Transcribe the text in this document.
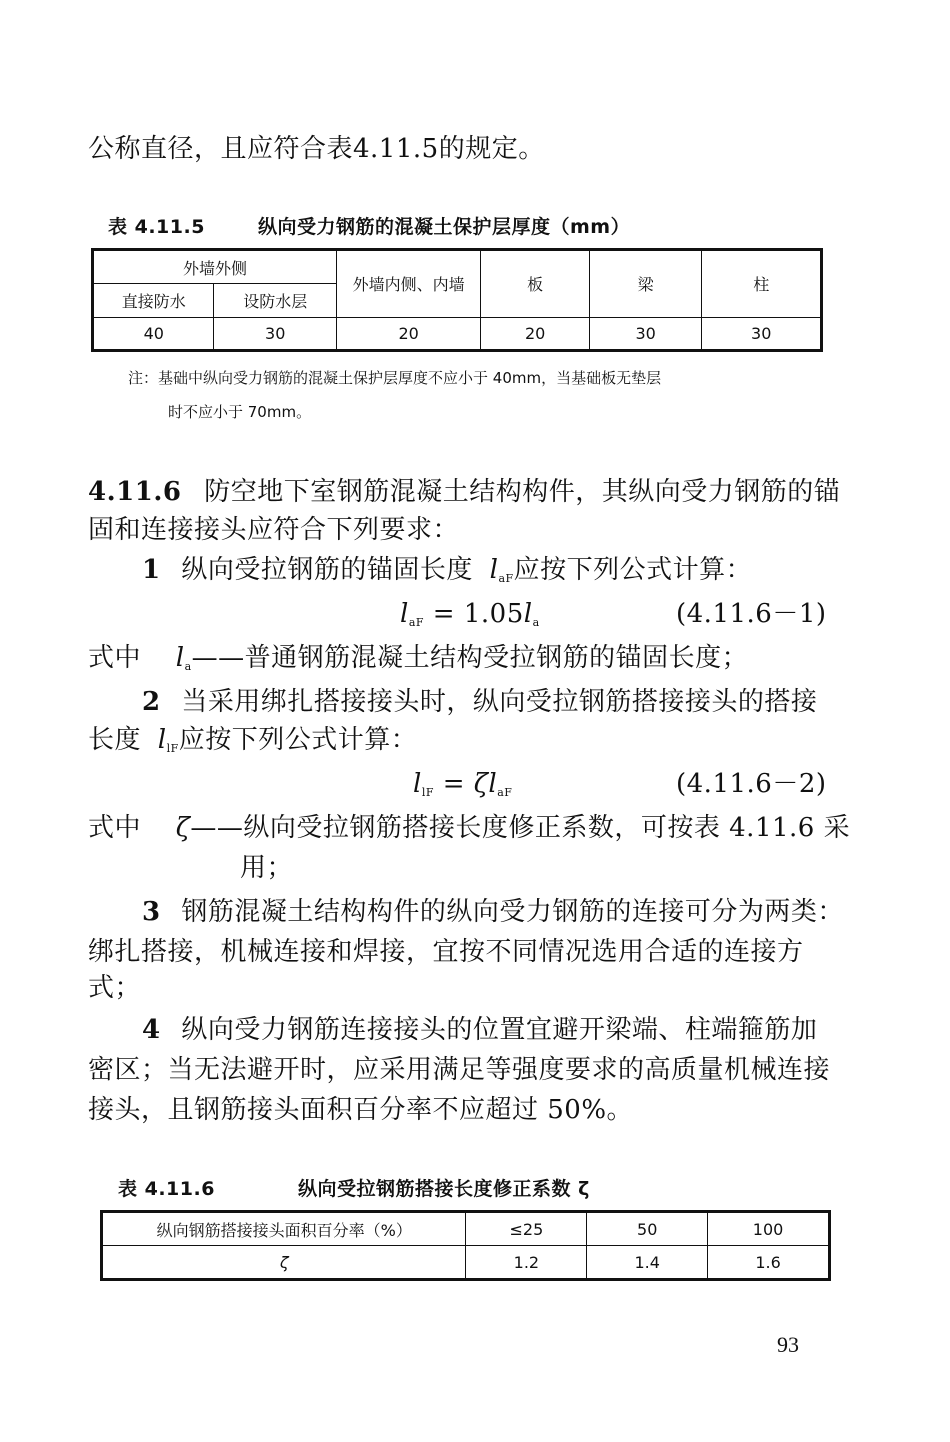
公称直径，且应符合表4.11.5的规定。
表 4.11.5	纵向受力钢筋的混凝土保护层厚度（mm）
外墙外侧		外墙内侧、内墙	板	梁	柱
直接防水	设防水层				
40	30	20	20	30	30
注：基础中纵向受力钢筋的混凝土保护层厚度不应小于 40mm，当基础板无垫层
时不应小于 70mm。
4.11.6 防空地下室钢筋混凝土结构构件，其纵向受力钢筋的锚
固和连接接头应符合下列要求：
1 纵向受拉钢筋的锚固长度 $l_{aF}$应按下列公式计算：
$l_{aF} = 1.05l_a$	(4.11.6－1)
式中 $l_a——$普通钢筋混凝土结构受拉钢筋的锚固长度；
2 当采用绑扎搭接接头时，纵向受拉钢筋搭接接头的搭接
长度 $l_{lF}$应按下列公式计算：
$l_{lF} = \zeta l_{aF}$	(4.11.6－2)
式中 ζ——纵向受拉钢筋搭接长度修正系数，可按表 4.11.6 采
用；
3 钢筋混凝土结构构件的纵向受力钢筋的连接可分为两类：
绑扎搭接，机械连接和焊接，宜按不同情况选用合适的连接方
式；
4 纵向受力钢筋连接接头的位置宜避开梁端、柱端箍筋加
密区；当无法避开时，应采用满足等强度要求的高质量机械连接
接头，且钢筋接头面积百分率不应超过 50%。
表 4.11.6	纵向受拉钢筋搭接长度修正系数 ζ
纵向钢筋搭接接头面积百分率（%）	≤25	50	100
ζ	1.2	1.4	1.6
93
